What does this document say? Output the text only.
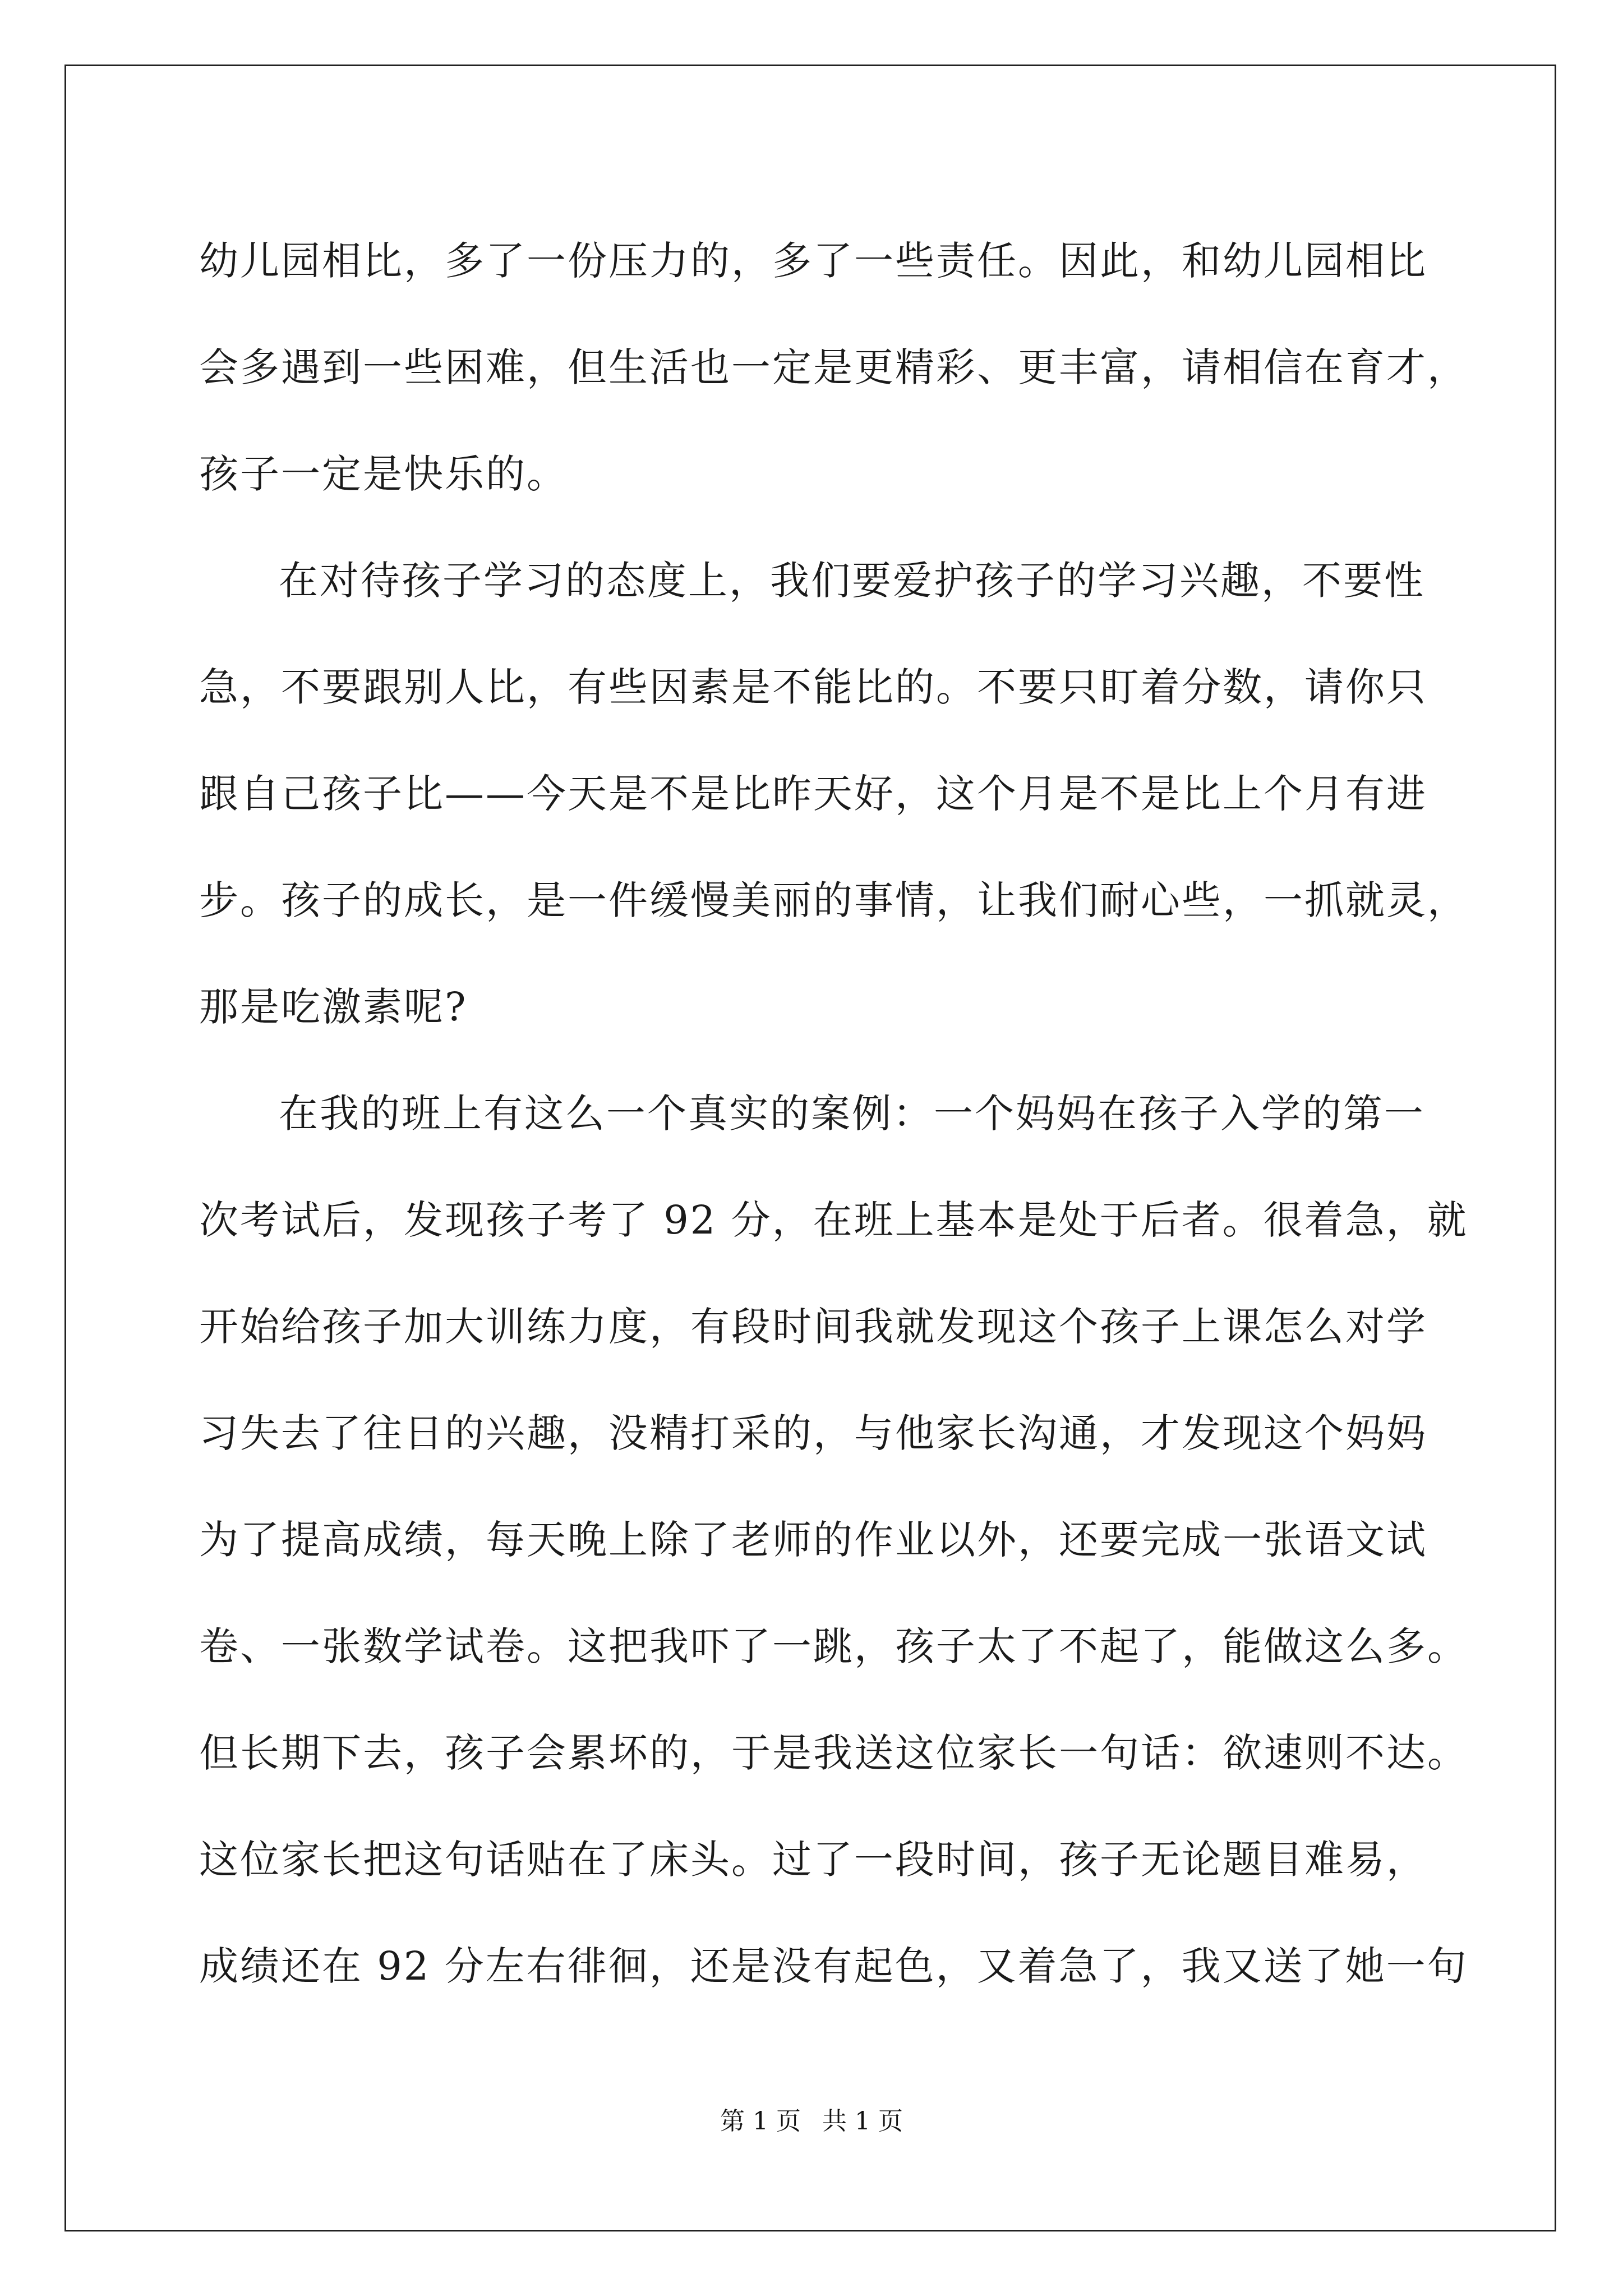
幼儿园相比，多了一份压力的，多了一些责任。因此，和幼儿园相比
会多遇到一些困难，但生活也一定是更精彩、更丰富，请相信在育才，
孩子一定是快乐的。
在对待孩子学习的态度上，我们要爱护孩子的学习兴趣，不要性
急，不要跟别人比，有些因素是不能比的。不要只盯着分数，请你只
跟自己孩子比——今天是不是比昨天好，这个月是不是比上个月有进
步。孩子的成长，是一件缓慢美丽的事情，让我们耐心些，一抓就灵，
那是吃激素呢?
在我的班上有这么一个真实的案例：一个妈妈在孩子入学的第一
次考试后，发现孩子考了 92 分，在班上基本是处于后者。很着急，就
开始给孩子加大训练力度，有段时间我就发现这个孩子上课怎么对学
习失去了往日的兴趣，没精打采的，与他家长沟通，才发现这个妈妈
为了提高成绩，每天晚上除了老师的作业以外，还要完成一张语文试
卷、一张数学试卷。这把我吓了一跳，孩子太了不起了，能做这么多。
但长期下去，孩子会累坏的，于是我送这位家长一句话：欲速则不达。
这位家长把这句话贴在了床头。过了一段时间，孩子无论题目难易，
成绩还在 92 分左右徘徊，还是没有起色，又着急了，我又送了她一句
第 1 页 共 1 页
